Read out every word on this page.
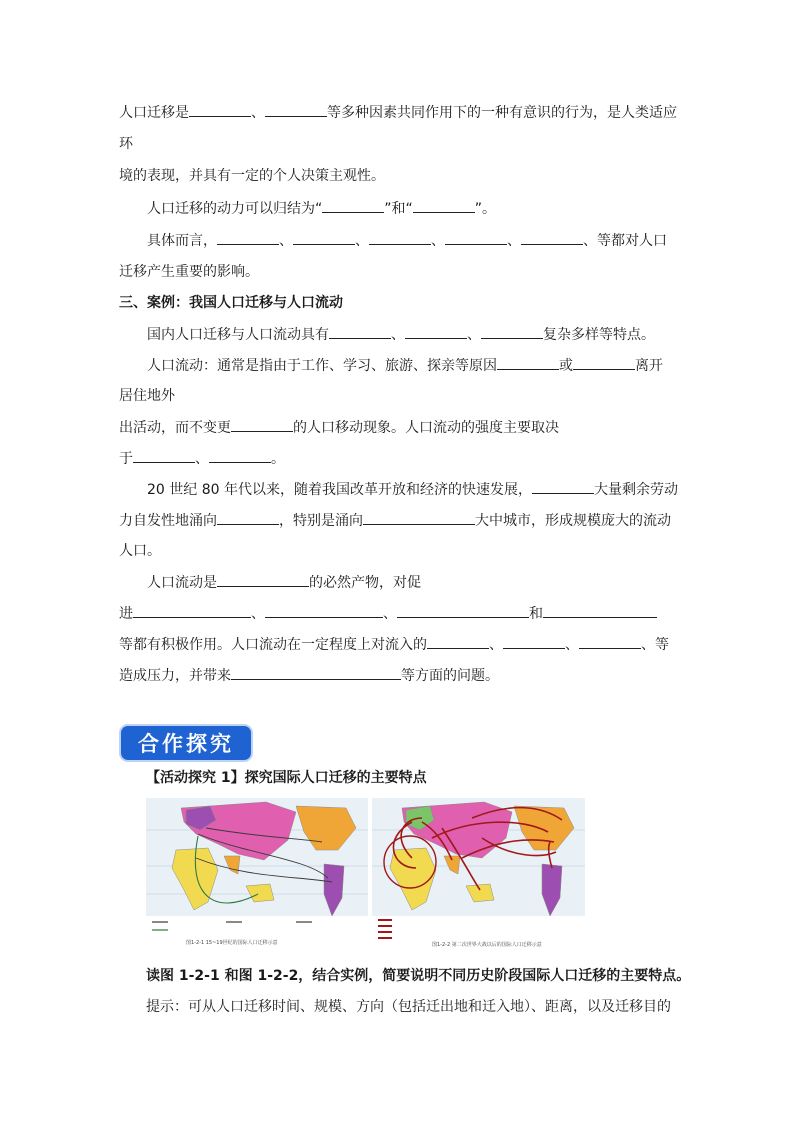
人口迁移是	、	等多种因素共同作用下的一种有意识的行为，是人类适应
环
境的表现，并具有一定的个人决策主观性。
人口迁移的动力可以归结为“	”和“	”。
具体而言，	、	、	、	、	、等都对人口
迁移产生重要的影响。
三、案例：我国人口迁移与人口流动
国内人口迁移与人口流动具有	、	、	复杂多样等特点。
人口流动：通常是指由于工作、学习、旅游、探亲等原因	或	离开
居住地外
出活动，而不变更	的人口移动现象。人口流动的强度主要取决
于	、	。
20 世纪 80 年代以来，随着我国改革开放和经济的快速发展，	大量剩余劳动
力自发性地涌向	，特别是涌向	大中城市，形成规模庞大的流动
人口。
人口流动是	的必然产物，对促
进	、	、	和
等都有积极作用。人口流动在一定程度上对流入的	、	、	、等
造成压力，并带来	等方面的问题。
合作探究
【活动探究 1】探究国际人口迁移的主要特点
图1-2-1 15~19世纪的国际人口迁移示意	图1-2-2 第二次世界大战以后的国际人口迁移示意
读图 1-2-1 和图 1-2-2，结合实例，简要说明不同历史阶段国际人口迁移的主要特点。
提示：可从人口迁移时间、规模、方向（包括迁出地和迁入地）、距离，以及迁移目的
